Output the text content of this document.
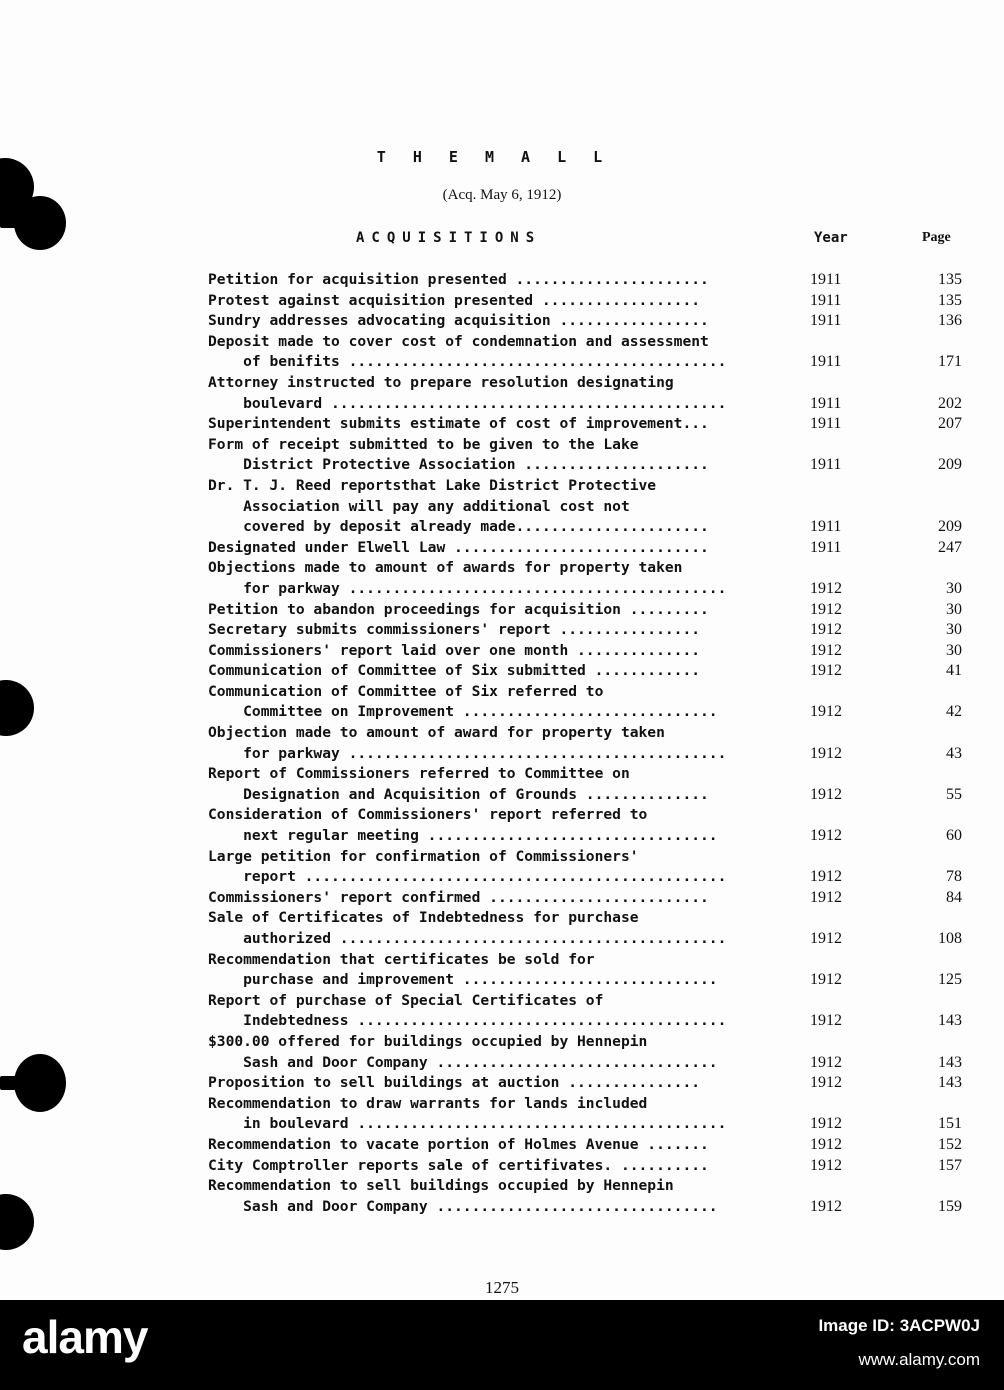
T H E M A L L
(Acq. May 6, 1912)
ACQUISITIONS	Year	Page
Petition for acquisition presented ......................	1911	135
Protest against acquisition presented ..................	1911	135
Sundry addresses advocating acquisition .................	1911	136
Deposit made to cover cost of condemnation and assessment
of benifits ...........................................	1911	171
Attorney instructed to prepare resolution designating
boulevard .............................................	1911	202
Superintendent submits estimate of cost of improvement...	1911	207
Form of receipt submitted to be given to the Lake
District Protective Association .....................	1911	209
Dr. T. J. Reed reportsthat Lake District Protective
Association will pay any additional cost not
covered by deposit already made......................	1911	209
Designated under Elwell Law .............................	1911	247
Objections made to amount of awards for property taken
for parkway ...........................................	1912	30
Petition to abandon proceedings for acquisition .........	1912	30
Secretary submits commissioners' report ................	1912	30
Commissioners' report laid over one month ..............	1912	30
Communication of Committee of Six submitted ............	1912	41
Communication of Committee of Six referred to
Committee on Improvement .............................	1912	42
Objection made to amount of award for property taken
for parkway ...........................................	1912	43
Report of Commissioners referred to Committee on
Designation and Acquisition of Grounds ..............	1912	55
Consideration of Commissioners' report referred to
next regular meeting .................................	1912	60
Large petition for confirmation of Commissioners'
report ................................................	1912	78
Commissioners' report confirmed .........................	1912	84
Sale of Certificates of Indebtedness for purchase
authorized ............................................	1912	108
Recommendation that certificates be sold for
purchase and improvement .............................	1912	125
Report of purchase of Special Certificates of
Indebtedness ..........................................	1912	143
$300.00 offered for buildings occupied by Hennepin
Sash and Door Company ................................	1912	143
Proposition to sell buildings at auction ...............	1912	143
Recommendation to draw warrants for lands included
in boulevard ..........................................	1912	151
Recommendation to vacate portion of Holmes Avenue .......	1912	152
City Comptroller reports sale of certifivates. ..........	1912	157
Recommendation to sell buildings occupied by Hennepin
Sash and Door Company ................................	1912	159
1275
alamy	Image ID: 3ACPW0J
www.alamy.com
